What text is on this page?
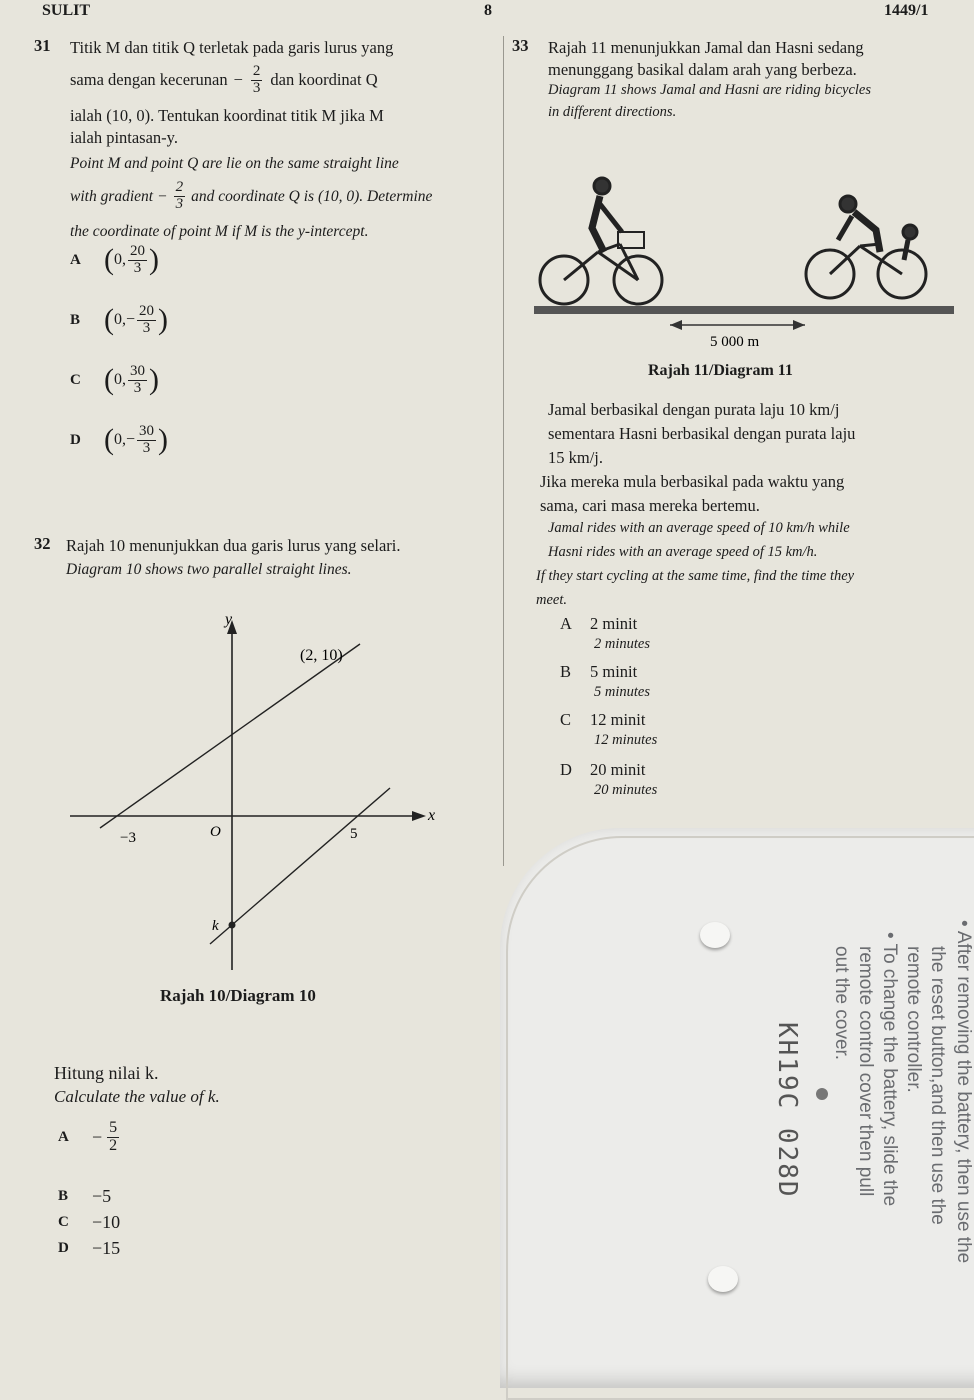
SULIT	8	1449/1
31 Titik M dan titik Q terletak pada garis lurus yang
sama dengan kecerunan − $\frac{2}{3}$ dan koordinat Q
ialah (10, 0). Tentukan koordinat titik M jika M
ialah pintasan-y.
Point M and point Q are lie on the same straight line
with gradient − $\frac{2}{3}$ and coordinate Q is (10, 0). Determine
the coordinate of point M if M is the y-intercept.
A ( 0, $\frac{20}{3}$ )
B ( 0, − $\frac{20}{3}$ )
C ( 0, $\frac{30}{3}$ )
D ( 0, − $\frac{30}{3}$ )
32 Rajah 10 menunjukkan dua garis lurus yang selari.
Diagram 10 shows two parallel straight lines.
y
x
O
(2, 10)
−3	5
k
Rajah 10/Diagram 10
Hitung nilai k.
Calculate the value of k.
A	− $\frac{5}{2}$
B	−5
C	−10
D	−15
33 Rajah 11 menunjukkan Jamal dan Hasni sedang
menunggang basikal dalam arah yang berbeza.
Diagram 11 shows Jamal and Hasni are riding bicycles
in different directions.
5 000 m
Rajah 11/Diagram 11
Jamal berbasikal dengan purata laju 10 km/j
sementara Hasni berbasikal dengan purata laju
15 km/j.
Jika mereka mula berbasikal pada waktu yang
sama, cari masa mereka bertemu.
Jamal rides with an average speed of 10 km/h while
Hasni rides with an average speed of 15 km/h.
If they start cycling at the same time, find the time they
meet.
A 2 minit
2 minutes
B 5 minit
5 minutes
C 12 minit
12 minutes
D 20 minit
20 minutes
• After removing the battery, then use the
the reset button,and then use the
remote controller.
• To change the battery, slide the
remote control cover then pull
out the cover.
KH19C 028D
